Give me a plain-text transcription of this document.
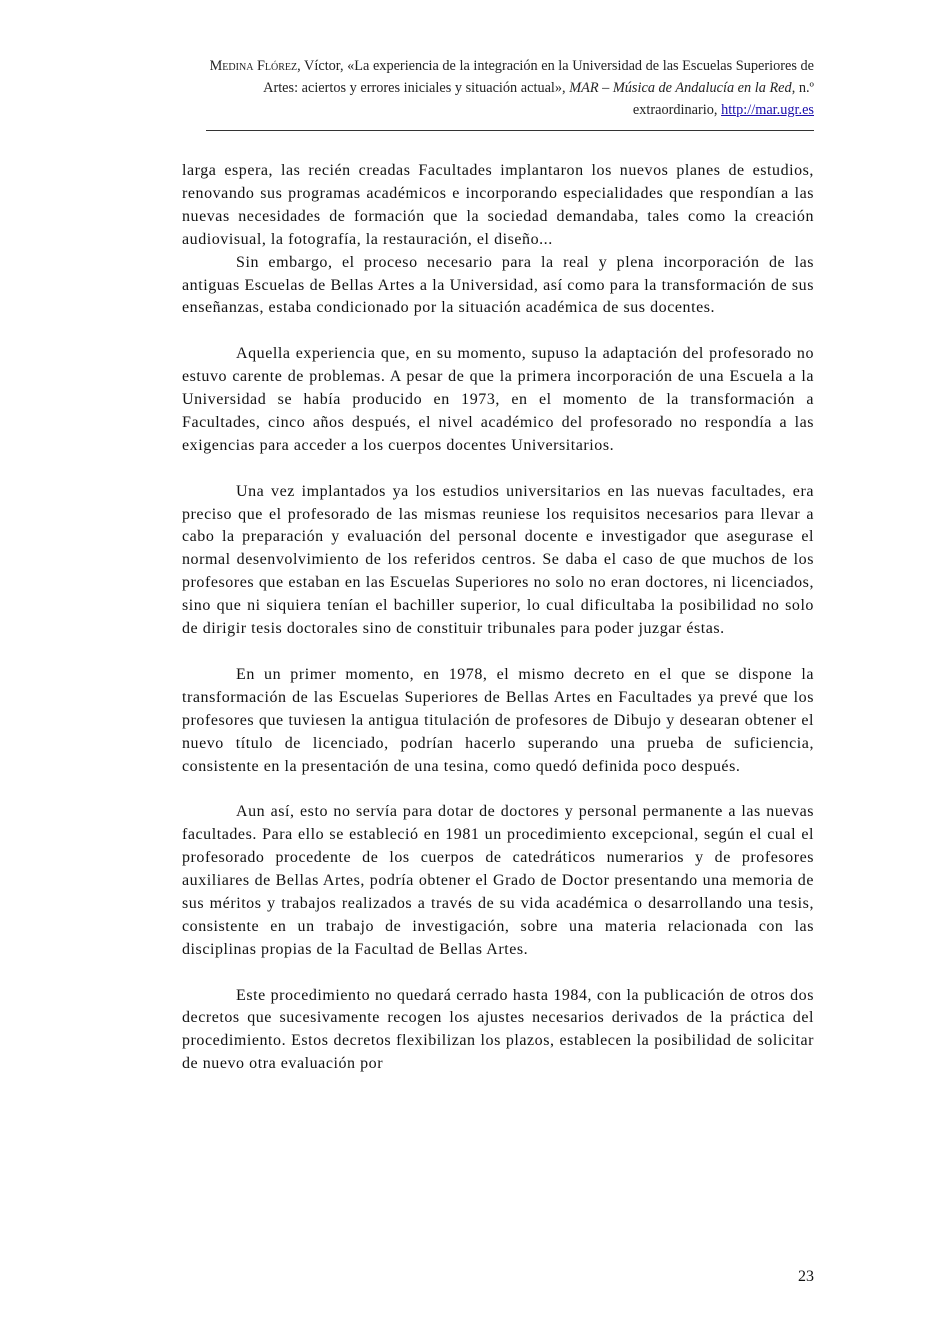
Medina Flórez, Víctor, «La experiencia de la integración en la Universidad de las Escuelas Superiores de Artes: aciertos y errores iniciales y situación actual», MAR – Música de Andalucía en la Red, n.º extraordinario, http://mar.ugr.es

larga espera, las recién creadas Facultades implantaron los nuevos planes de estudios, renovando sus programas académicos e incorporando especialidades que respondían a las nuevas necesidades de formación que la sociedad demandaba, tales como la creación audiovisual, la fotografía, la restauración, el diseño...

Sin embargo, el proceso necesario para la real y plena incorporación de las antiguas Escuelas de Bellas Artes a la Universidad, así como para la transformación de sus enseñanzas, estaba condicionado por la situación académica de sus docentes.

Aquella experiencia que, en su momento, supuso la adaptación del profesorado no estuvo carente de problemas. A pesar de que la primera incorporación de una Escuela a la Universidad se había producido en 1973, en el momento de la transformación a Facultades, cinco años después, el nivel académico del profesorado no respondía a las exigencias para acceder a los cuerpos docentes Universitarios.

Una vez implantados ya los estudios universitarios en las nuevas facultades, era preciso que el profesorado de las mismas reuniese los requisitos necesarios para llevar a cabo la preparación y evaluación del personal docente e investigador que asegurase el normal desenvolvimiento de los referidos centros. Se daba el caso de que muchos de los profesores que estaban en las Escuelas Superiores no solo no eran doctores, ni licenciados, sino que ni siquiera tenían el bachiller superior, lo cual dificultaba la posibilidad no solo de dirigir tesis doctorales sino de constituir tribunales para poder juzgar éstas.

En un primer momento, en 1978, el mismo decreto en el que se dispone la transformación de las Escuelas Superiores de Bellas Artes en Facultades ya prevé que los profesores que tuviesen la antigua titulación de profesores de Dibujo y desearan obtener el nuevo título de licenciado, podrían hacerlo superando una prueba de suficiencia, consistente en la presentación de una tesina, como quedó definida poco después.

Aun así, esto no servía para dotar de doctores y personal permanente a las nuevas facultades. Para ello se estableció en 1981 un procedimiento excepcional, según el cual el profesorado procedente de los cuerpos de catedráticos numerarios y de profesores auxiliares de Bellas Artes, podría obtener el Grado de Doctor presentando una memoria de sus méritos y trabajos realizados a través de su vida académica o desarrollando una tesis, consistente en un trabajo de investigación, sobre una materia relacionada con las disciplinas propias de la Facultad de Bellas Artes.

Este procedimiento no quedará cerrado hasta 1984, con la publicación de otros dos decretos que sucesivamente recogen los ajustes necesarios derivados de la práctica del procedimiento. Estos decretos flexibilizan los plazos, establecen la posibilidad de solicitar de nuevo otra evaluación por

23
